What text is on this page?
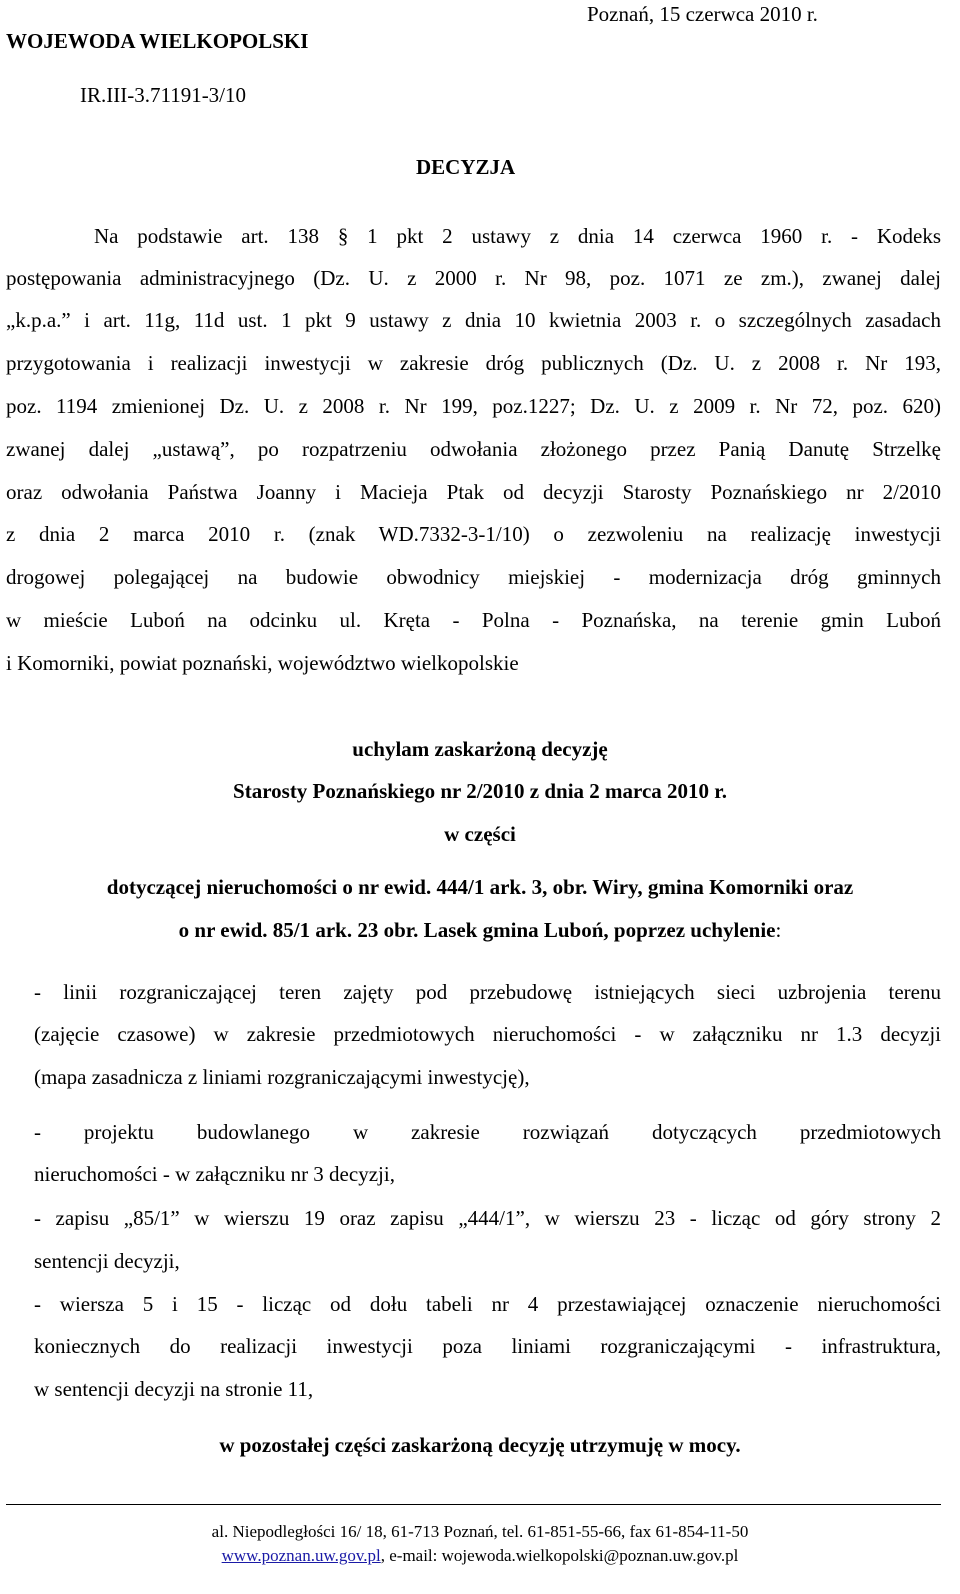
WOJEWODA WIELKOPOLSKI
Poznań, 15 czerwca 2010 r.
IR.III-3.71191-3/10
DECYZJA
Na podstawie art. 138 § 1 pkt 2 ustawy z dnia 14 czerwca 1960 r. - Kodeks
postępowania administracyjnego (Dz. U. z 2000 r. Nr 98, poz. 1071 ze zm.), zwanej dalej
„k.p.a.” i art. 11g, 11d ust. 1 pkt 9 ustawy z dnia 10 kwietnia 2003 r. o szczególnych zasadach
przygotowania i realizacji inwestycji w zakresie dróg publicznych (Dz. U. z 2008 r. Nr 193,
poz. 1194 zmienionej Dz. U. z 2008 r. Nr 199, poz.1227; Dz. U. z 2009 r. Nr 72, poz. 620)
zwanej dalej „ustawą”, po rozpatrzeniu odwołania złożonego przez Panią Danutę Strzelkę
oraz odwołania Państwa Joanny i Macieja Ptak od decyzji Starosty Poznańskiego nr 2/2010
z dnia 2 marca 2010 r. (znak WD.7332-3-1/10) o zezwoleniu na realizację inwestycji
drogowej polegającej na budowie obwodnicy miejskiej - modernizacja dróg gminnych
w mieście Luboń na odcinku ul. Kręta - Polna - Poznańska, na terenie gmin Luboń
i Komorniki, powiat poznański, województwo wielkopolskie
uchylam zaskarżoną decyzję
Starosty Poznańskiego nr 2/2010 z dnia 2 marca 2010 r.
w części
dotyczącej nieruchomości o nr ewid. 444/1 ark. 3, obr. Wiry, gmina Komorniki oraz
o nr ewid. 85/1 ark. 23 obr. Lasek gmina Luboń, poprzez uchylenie:
- linii rozgraniczającej teren zajęty pod przebudowę istniejących sieci uzbrojenia terenu
(zajęcie czasowe) w zakresie przedmiotowych nieruchomości - w załączniku nr 1.3 decyzji
(mapa zasadnicza z liniami rozgraniczającymi inwestycję),
- projektu budowlanego w zakresie rozwiązań dotyczących przedmiotowych
nieruchomości - w załączniku nr 3 decyzji,
- zapisu „85/1” w wierszu 19 oraz zapisu „444/1”, w wierszu 23 - licząc od góry strony 2
sentencji decyzji,
- wiersza 5 i 15 - licząc od dołu tabeli nr 4 przestawiającej oznaczenie nieruchomości
koniecznych do realizacji inwestycji poza liniami rozgraniczającymi - infrastruktura,
w sentencji decyzji na stronie 11,
w pozostałej części zaskarżoną decyzję utrzymuję w mocy.
al. Niepodległości 16/ 18, 61-713 Poznań, tel. 61-851-55-66, fax 61-854-11-50
www.poznan.uw.gov.pl, e-mail: wojewoda.wielkopolski@poznan.uw.gov.pl
